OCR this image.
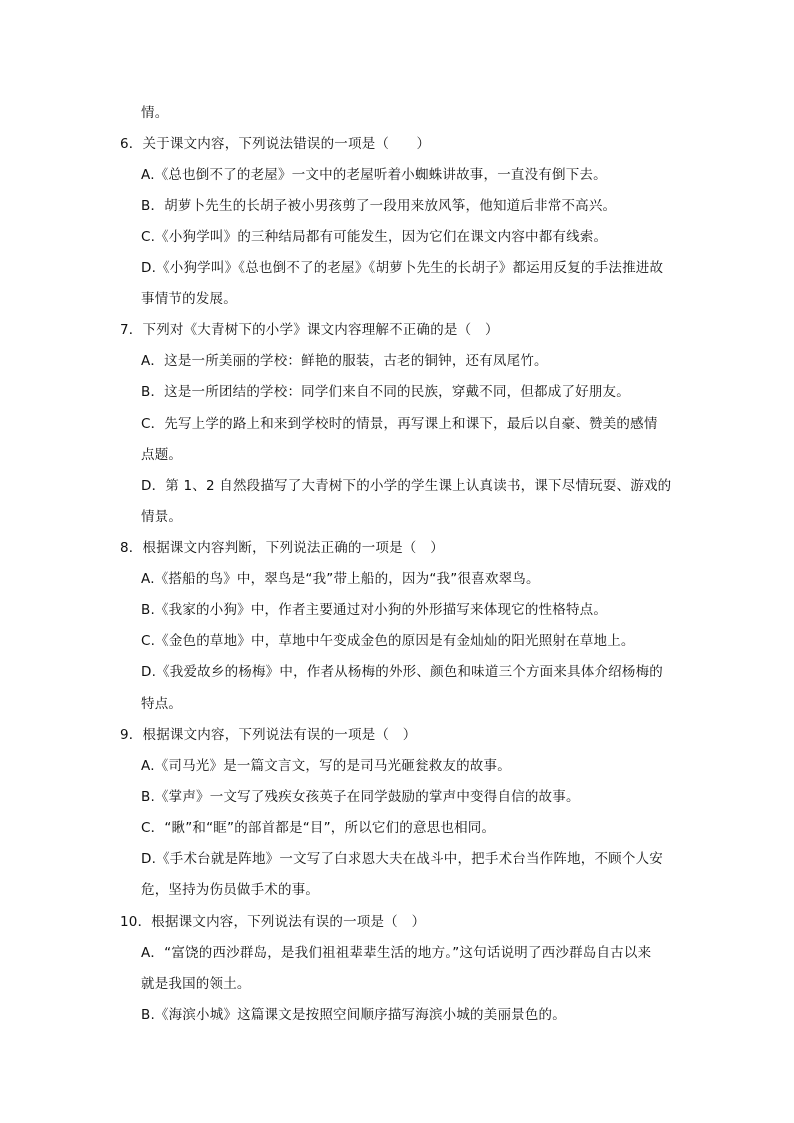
情。
6．关于课文内容，下列说法错误的一项是（　　）
A.《总也倒不了的老屋》一文中的老屋听着小蜘蛛讲故事，一直没有倒下去。
B．胡萝卜先生的长胡子被小男孩剪了一段用来放风筝，他知道后非常不高兴。
C.《小狗学叫》的三种结局都有可能发生，因为它们在课文内容中都有线索。
D.《小狗学叫》《总也倒不了的老屋》《胡萝卜先生的长胡子》都运用反复的手法推进故
事情节的发展。
7．下列对《大青树下的小学》课文内容理解不正确的是（　）
A．这是一所美丽的学校：鲜艳的服装，古老的铜钟，还有凤尾竹。
B．这是一所团结的学校：同学们来自不同的民族，穿戴不同，但都成了好朋友。
C．先写上学的路上和来到学校时的情景，再写课上和课下，最后以自豪、赞美的感情
点题。
D．第 1、2 自然段描写了大青树下的小学的学生课上认真读书，课下尽情玩耍、游戏的
情景。
8．根据课文内容判断，下列说法正确的一项是（　）
A.《搭船的鸟》中，翠鸟是“我”带上船的，因为“我”很喜欢翠鸟。
B.《我家的小狗》中，作者主要通过对小狗的外形描写来体现它的性格特点。
C.《金色的草地》中，草地中午变成金色的原因是有金灿灿的阳光照射在草地上。
D.《我爱故乡的杨梅》中，作者从杨梅的外形、颜色和味道三个方面来具体介绍杨梅的
特点。
9．根据课文内容，下列说法有误的一项是（　）
A.《司马光》是一篇文言文，写的是司马光砸瓮救友的故事。
B.《掌声》一文写了残疾女孩英子在同学鼓励的掌声中变得自信的故事。
C．“瞅”和“眶”的部首都是“目”，所以它们的意思也相同。
D.《手术台就是阵地》一文写了白求恩大夫在战斗中，把手术台当作阵地，不顾个人安
危，坚持为伤员做手术的事。
10．根据课文内容，下列说法有误的一项是（　）
A．“富饶的西沙群岛，是我们祖祖辈辈生活的地方。”这句话说明了西沙群岛自古以来
就是我国的领土。
B.《海滨小城》这篇课文是按照空间顺序描写海滨小城的美丽景色的。
